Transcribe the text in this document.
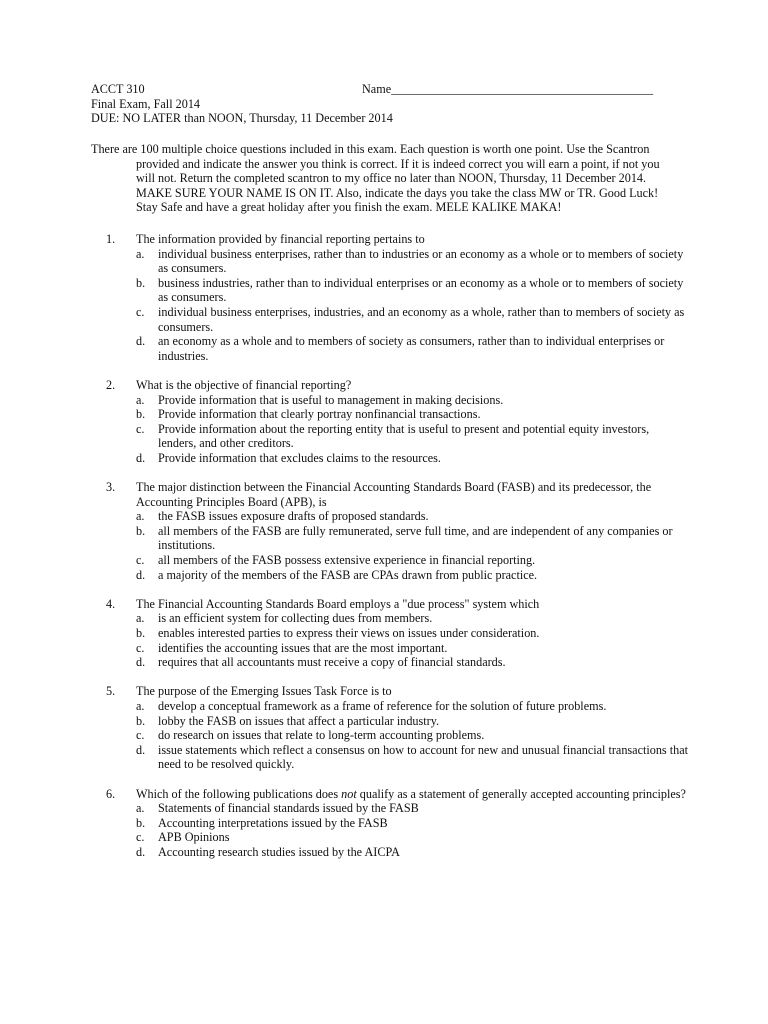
ACCT 310
Final Exam, Fall 2014
DUE: NO LATER than NOON, Thursday, 11 December 2014
Name___________________________________________
There are 100 multiple choice questions included in this exam. Each question is worth one point. Use the Scantron
provided and indicate the answer you think is correct. If it is indeed correct you will earn a point, if not you
will not. Return the completed scantron to my office no later than NOON, Thursday, 11 December 2014.
MAKE SURE YOUR NAME IS ON IT. Also, indicate the days you take the class MW or TR. Good Luck!
Stay Safe and have a great holiday after you finish the exam. MELE KALIKE MAKA!
1. The information provided by financial reporting pertains to
a. individual business enterprises, rather than to industries or an economy as a whole or to members of society as consumers.
b. business industries, rather than to individual enterprises or an economy as a whole or to members of society as consumers.
c. individual business enterprises, industries, and an economy as a whole, rather than to members of society as consumers.
d. an economy as a whole and to members of society as consumers, rather than to individual enterprises or industries.
2. What is the objective of financial reporting?
a. Provide information that is useful to management in making decisions.
b. Provide information that clearly portray nonfinancial transactions.
c. Provide information about the reporting entity that is useful to present and potential equity investors, lenders, and other creditors.
d. Provide information that excludes claims to the resources.
3. The major distinction between the Financial Accounting Standards Board (FASB) and its predecessor, the Accounting Principles Board (APB), is
a. the FASB issues exposure drafts of proposed standards.
b. all members of the FASB are fully remunerated, serve full time, and are independent of any companies or institutions.
c. all members of the FASB possess extensive experience in financial reporting.
d. a majority of the members of the FASB are CPAs drawn from public practice.
4. The Financial Accounting Standards Board employs a "due process" system which
a. is an efficient system for collecting dues from members.
b. enables interested parties to express their views on issues under consideration.
c. identifies the accounting issues that are the most important.
d. requires that all accountants must receive a copy of financial standards.
5. The purpose of the Emerging Issues Task Force is to
a. develop a conceptual framework as a frame of reference for the solution of future problems.
b. lobby the FASB on issues that affect a particular industry.
c. do research on issues that relate to long-term accounting problems.
d. issue statements which reflect a consensus on how to account for new and unusual financial transactions that need to be resolved quickly.
6. Which of the following publications does not qualify as a statement of generally accepted accounting principles?
a. Statements of financial standards issued by the FASB
b. Accounting interpretations issued by the FASB
c. APB Opinions
d. Accounting research studies issued by the AICPA
